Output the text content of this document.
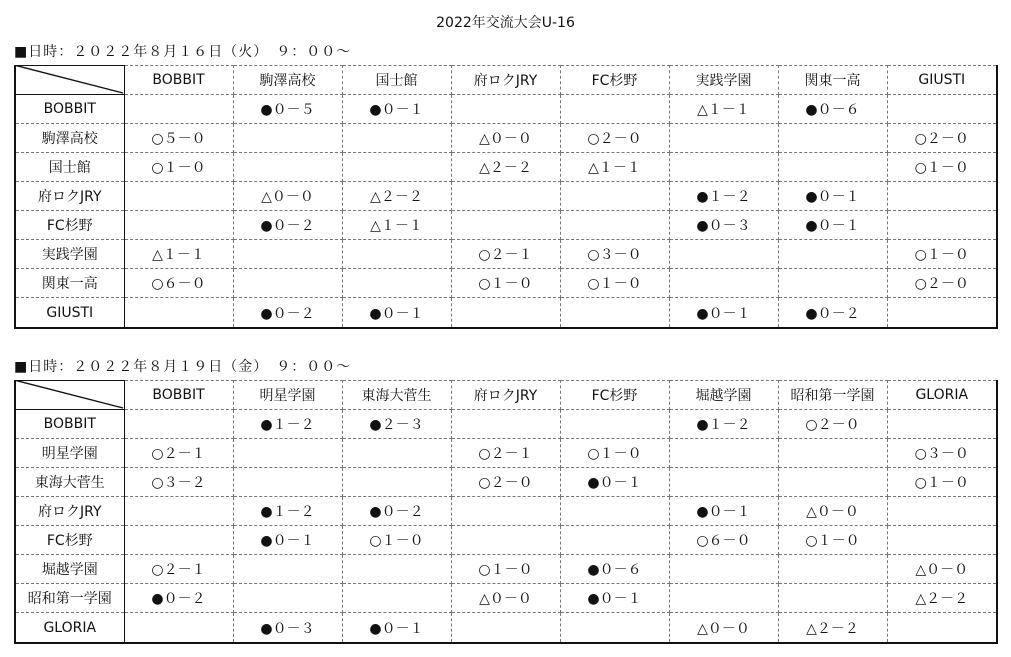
2022年交流大会U-16
■日時：２０２２年８月１６日（火）　９：００～
	BOBBIT	駒澤高校	国士館	府ロクJRY	FC杉野	実践学園	関東一高	GIUSTI
BOBBIT		●０－５	●０－１			△１－１	●０－６	
駒澤高校	○５－０			△０－０	○２－０			○２－０
国士館	○１－０			△２－２	△１－１			○１－０
府ロクJRY		△０－０	△２－２			●１－２	●０－１	
FC杉野		●０－２	△１－１			●０－３	●０－１	
実践学園	△１－１			○２－１	○３－０			○１－０
関東一高	○６－０			○１－０	○１－０			○２－０
GIUSTI		●０－２	●０－１			●０－１	●０－２	
■日時：２０２２年８月１９日（金）　９：００～
	BOBBIT	明星学園	東海大菅生	府ロクJRY	FC杉野	堀越学園	昭和第一学園	GLORIA
BOBBIT		●１－２	●２－３			●１－２	○２－０	
明星学園	○２－１			○２－１	○１－０			○３－０
東海大菅生	○３－２			○２－０	●０－１			○１－０
府ロクJRY		●１－２	●０－２			●０－１	△０－０	
FC杉野		●０－１	○１－０			○６－０	○１－０	
堀越学園	○２－１			○１－０	●０－６			△０－０
昭和第一学園	●０－２			△０－０	●０－１			△２－２
GLORIA		●０－３	●０－１			△０－０	△２－２	
